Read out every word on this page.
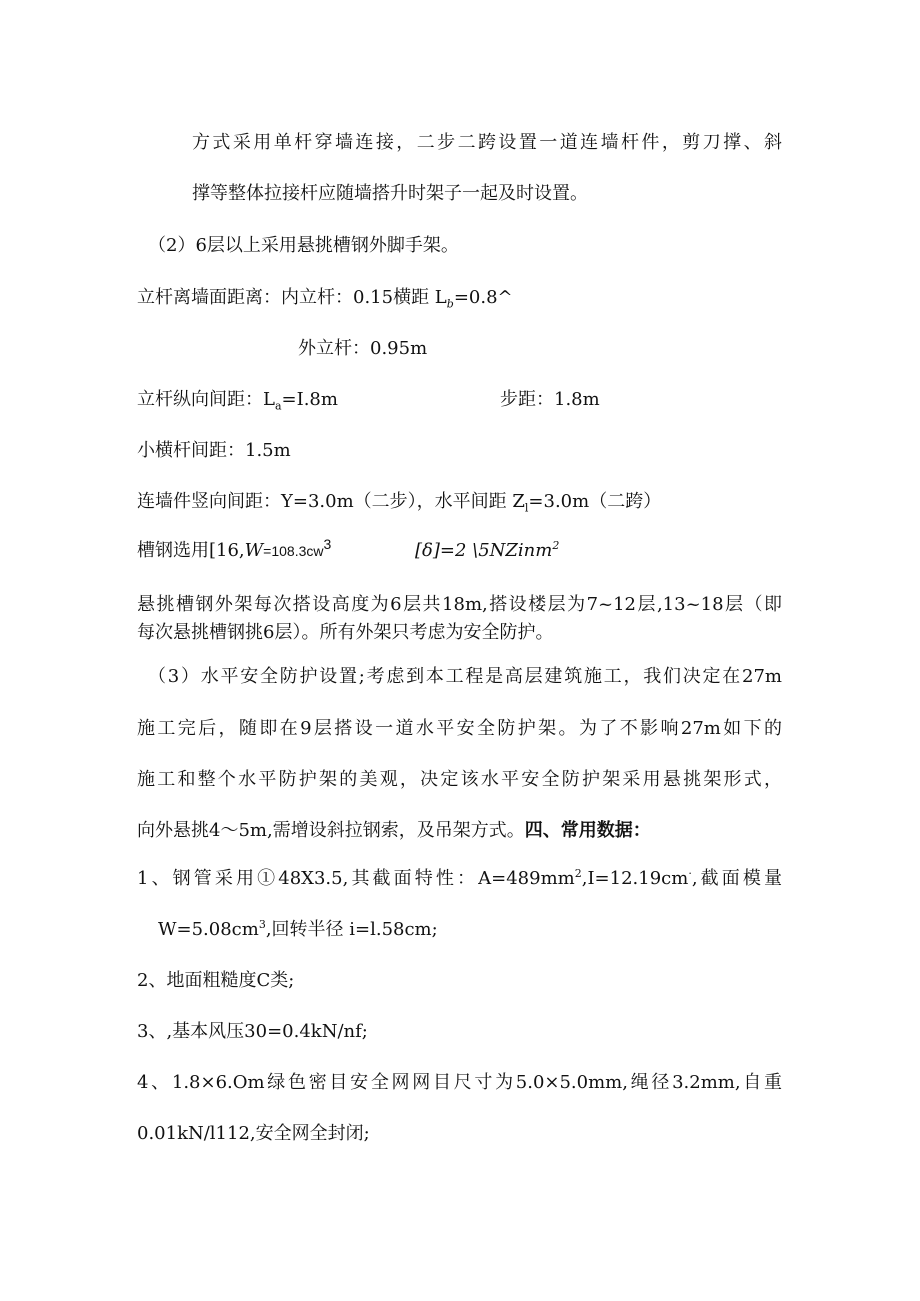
方式采用单杆穿墙连接，二步二跨设置一道连墙杆件，剪刀撑、斜
撑等整体拉接杆应随墙搭升时架子一起及时设置。
（2）6层以上采用悬挑槽钢外脚手架。
立杆离墙面距离：内立杆：0.15横距 $L_b=0.8\^{}$
外立杆：0.95m
立杆纵向间距：$L_a=I.8m$	步距：1.8m
小横杆间距：1.5m
连墙件竖向间距：Y=3.0m（二步），水平间距 $Z_l=3.0m$（二跨）
槽钢选用[$16,W=108.3cw^3$	[δ]=2 \5NZinm$^2$
悬挑槽钢外架每次搭设高度为6层共18m,搭设楼层为7~12层,13~18层（即
每次悬挑槽钢挑6层）。所有外架只考虑为安全防护。
（3）水平安全防护设置;考虑到本工程是高层建筑施工，我们决定在27m
施工完后，随即在9层搭设一道水平安全防护架。为了不影响27m如下的
施工和整个水平防护架的美观，决定该水平安全防护架采用悬挑架形式，
向外悬挑4～5m,需增设斜拉钢索，及吊架方式。四、常用数据：
1、钢管采用①48X3.5,其截面特性：$A=489mm^2,I=12.19cm^\cdot$,截面模量
$W=5.08cm^3$,回转半径 i=l.58cm;
2、地面粗糙度C类;
3、,基本风压30=0.4kN∕nf;
4、1.8×6.Om绿色密目安全网网目尺寸为5.0×5.0mm,绳径3.2mm,自重
0.01kN∕l112,安全网全封闭;
